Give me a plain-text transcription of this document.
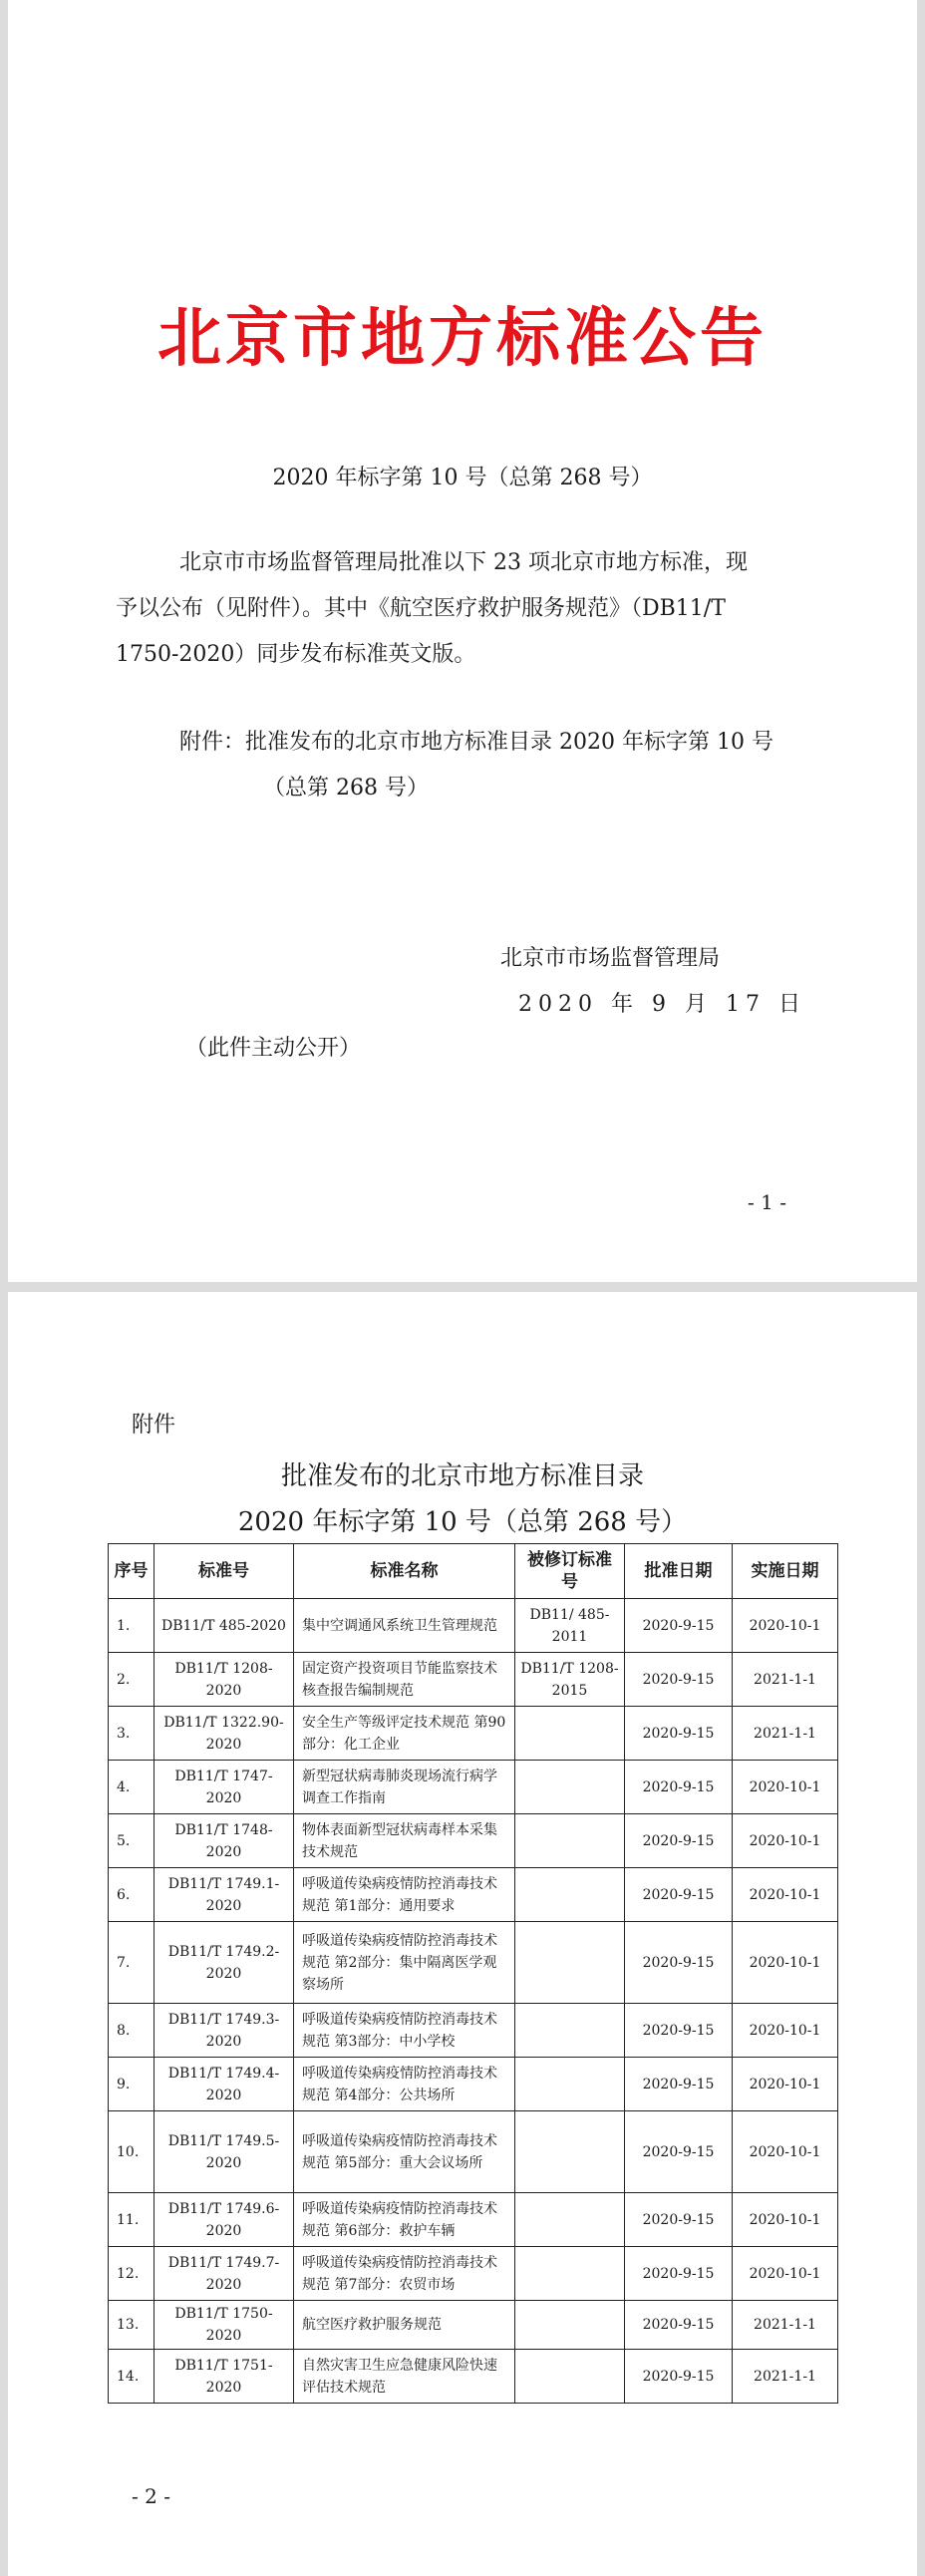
北京市地方标准公告
2020 年标字第 10 号（总第 268 号）
北京市市场监督管理局批准以下 23 项北京市地方标准，现
予以公布（见附件）。其中《航空医疗救护服务规范》（DB11/T
1750-2020）同步发布标准英文版。
附件：批准发布的北京市地方标准目录 2020 年标字第 10 号
（总第 268 号）
北京市市场监督管理局
2020 年 9 月 17 日
（此件主动公开）
- 1 -
附件
批准发布的北京市地方标准目录
2020 年标字第 10 号（总第 268 号）
序号	标准号	标准名称	被修订标准号	批准日期	实施日期
1.	DB11/T 485-2020	集中空调通风系统卫生管理规范	DB11/ 485-2011	2020-9-15	2020-10-1
2.	DB11/T 1208-2020	固定资产投资项目节能监察技术核查报告编制规范	DB11/T 1208-2015	2020-9-15	2021-1-1
3.	DB11/T 1322.90-2020	安全生产等级评定技术规范 第90部分：化工企业		2020-9-15	2021-1-1
4.	DB11/T 1747-2020	新型冠状病毒肺炎现场流行病学调查工作指南		2020-9-15	2020-10-1
5.	DB11/T 1748-2020	物体表面新型冠状病毒样本采集技术规范		2020-9-15	2020-10-1
6.	DB11/T 1749.1-2020	呼吸道传染病疫情防控消毒技术规范 第1部分：通用要求		2020-9-15	2020-10-1
7.	DB11/T 1749.2-2020	呼吸道传染病疫情防控消毒技术规范 第2部分：集中隔离医学观察场所		2020-9-15	2020-10-1
8.	DB11/T 1749.3-2020	呼吸道传染病疫情防控消毒技术规范 第3部分：中小学校		2020-9-15	2020-10-1
9.	DB11/T 1749.4-2020	呼吸道传染病疫情防控消毒技术规范 第4部分：公共场所		2020-9-15	2020-10-1
10.	DB11/T 1749.5-2020	呼吸道传染病疫情防控消毒技术规范 第5部分：重大会议场所		2020-9-15	2020-10-1
11.	DB11/T 1749.6-2020	呼吸道传染病疫情防控消毒技术规范 第6部分：救护车辆		2020-9-15	2020-10-1
12.	DB11/T 1749.7-2020	呼吸道传染病疫情防控消毒技术规范 第7部分：农贸市场		2020-9-15	2020-10-1
13.	DB11/T 1750-2020	航空医疗救护服务规范		2020-9-15	2021-1-1
14.	DB11/T 1751-2020	自然灾害卫生应急健康风险快速评估技术规范		2020-9-15	2021-1-1
- 2 -
